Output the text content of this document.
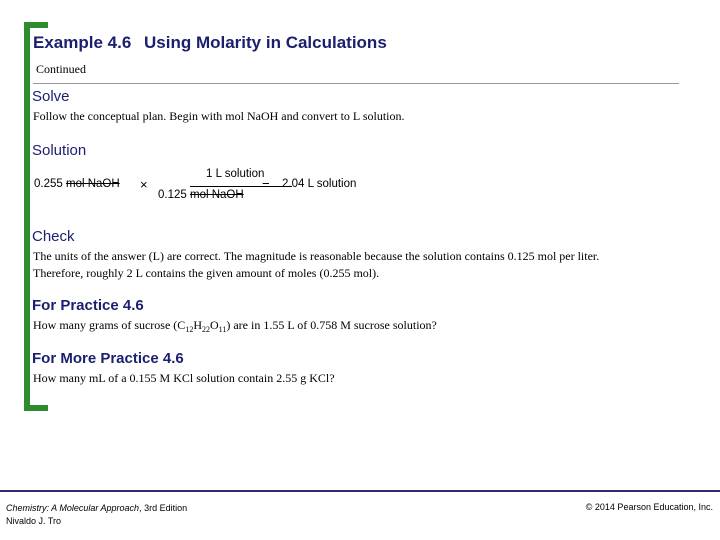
Example 4.6 Using Molarity in Calculations
Continued
Solve
Follow the conceptual plan. Begin with mol NaOH and convert to L solution.
Solution
0.255 mol NaOH ×
1 L solution
0.125 mol NaOH
= 2.04 L solution
Check
The units of the answer (L) are correct. The magnitude is reasonable because the solution contains 0.125 mol per liter.
Therefore, roughly 2 L contains the given amount of moles (0.255 mol).
For Practice 4.6
How many grams of sucrose $(C_{12}H_{22}O_{11})$ are in 1.55 L of 0.758 M sucrose solution?
For More Practice 4.6
How many mL of a 0.155 M KCl solution contain 2.55 g KCl?
Chemistry: A Molecular Approach, 3rd Edition
Nivaldo J. Tro
© 2014 Pearson Education, Inc.
